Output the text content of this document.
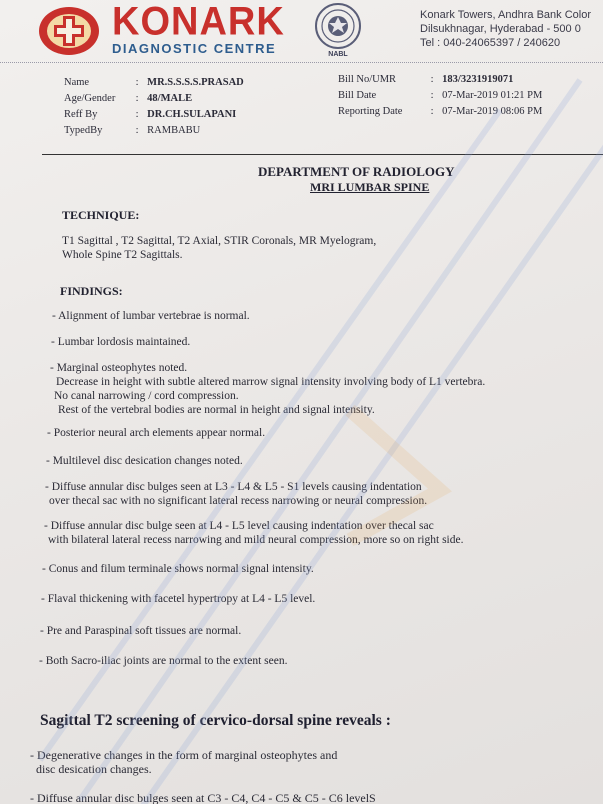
KONARK
DIAGNOSTIC CENTRE	NABL
Konark Towers, Andhra Bank Color
Dilsukhnagar, Hyderabad - 500 0
Tel : 040-24065397 / 240620
Name	: MR.S.S.S.S.PRASAD
Age/Gender : 48/MALE
Reff By	: DR.CH.SULAPANI
TypedBy	: RAMBABU
Bill No/UMR	: 183/3231919071
Bill Date	: 07-Mar-2019 01:21 PM
Reporting Date	: 07-Mar-2019 08:06 PM
DEPARTMENT OF RADIOLOGY
MRI LUMBAR SPINE
TECHNIQUE:
T1 Sagittal , T2 Sagittal, T2 Axial, STIR Coronals, MR Myelogram,
Whole Spine T2 Sagittals.
FINDINGS:
- Alignment of lumbar vertebrae is normal.
- Lumbar lordosis maintained.
- Marginal osteophytes noted.
Decrease in height with subtle altered marrow signal intensity involving body of L1 vertebra.
No canal narrowing / cord compression.
Rest of the vertebral bodies are normal in height and signal intensity.
- Posterior neural arch elements appear normal.
- Multilevel disc desication changes noted.
- Diffuse annular disc bulges seen at L3 - L4 & L5 - S1 levels causing indentation
over thecal sac with no significant lateral recess narrowing or neural compression.
- Diffuse annular disc bulge seen at L4 - L5 level causing indentation over thecal sac
with bilateral lateral recess narrowing and mild neural compression, more so on right side.
- Conus and filum terminale shows normal signal intensity.
- Flaval thickening with facetel hypertropy at L4 - L5 level.
- Pre and Paraspinal soft tissues are normal.
- Both Sacro-iliac joints are normal to the extent seen.
Sagittal T2 screening of cervico-dorsal spine reveals :
- Degenerative changes in the form of marginal osteophytes and
disc desication changes.
- Diffuse annular disc bulges seen at C3 - C4, C4 - C5 & C5 - C6 levelS
